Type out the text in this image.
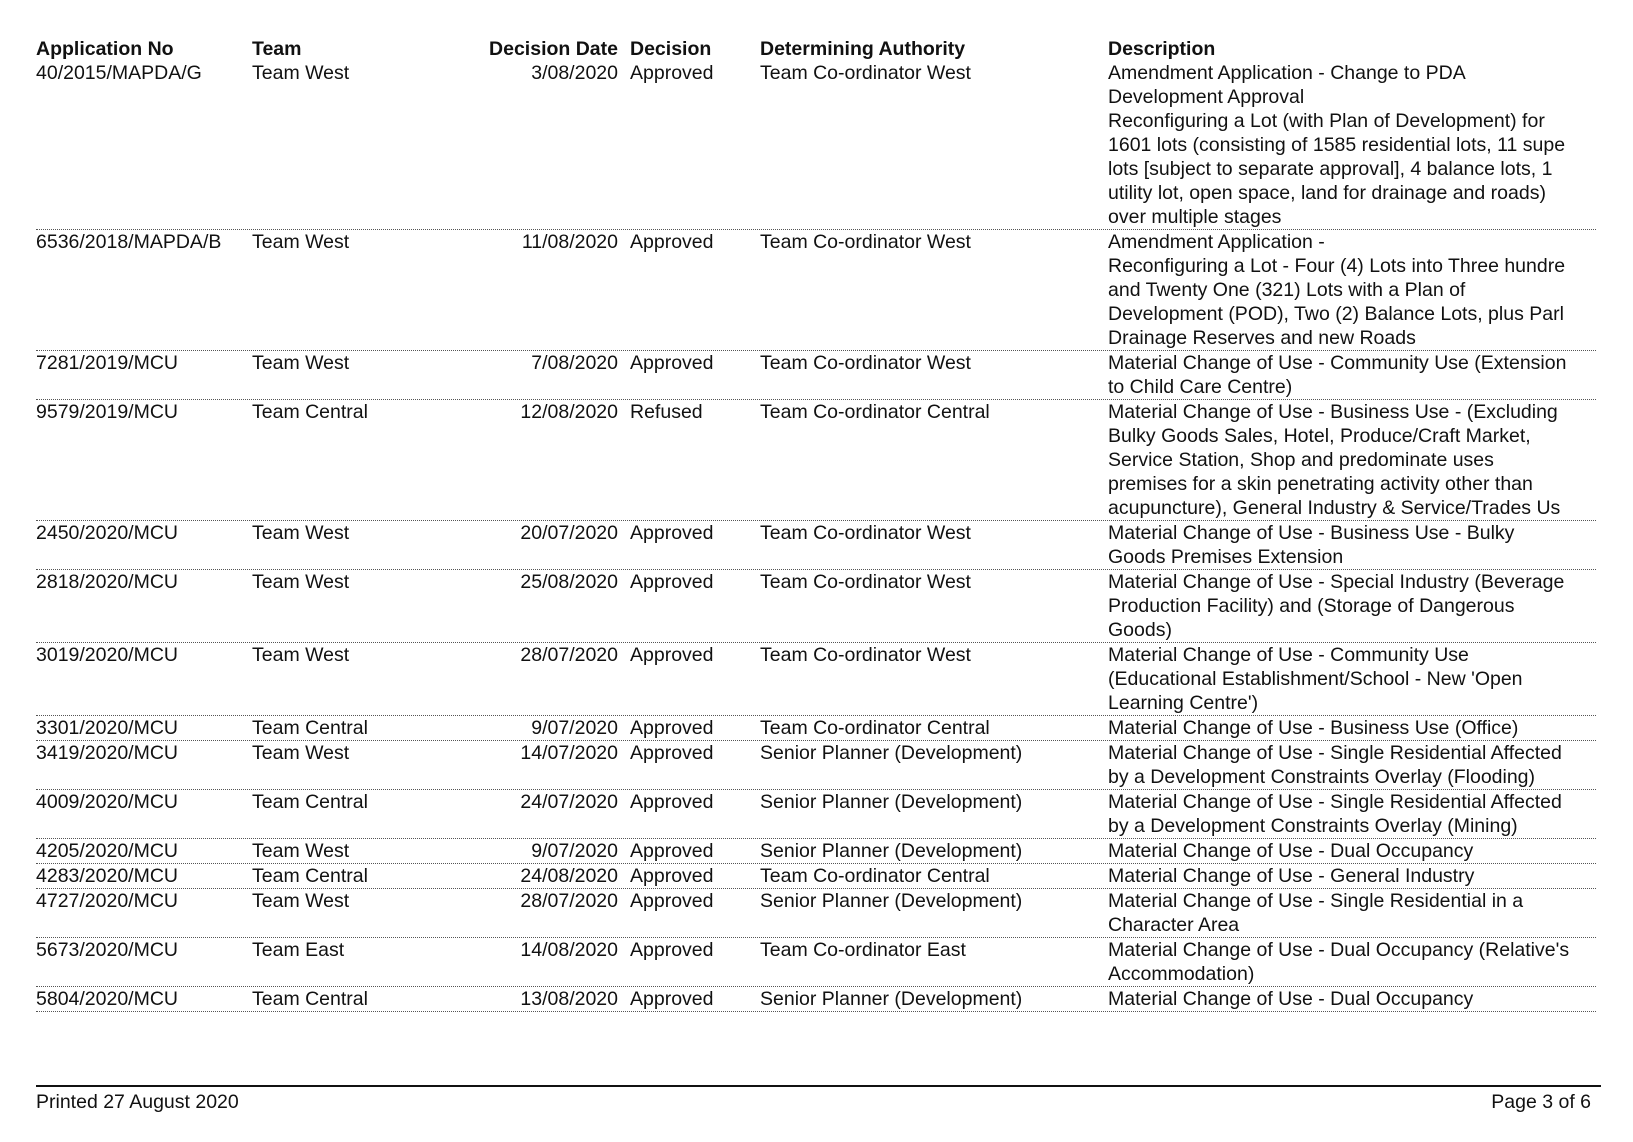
Application No	Team	Decision Date Decision	Determining Authority	Description
40/2015/MAPDA/G	Team West	3/08/2020 Approved	Team Co-ordinator West	Amendment Application - Change to PDA
Development Approval
Reconfiguring a Lot (with Plan of Development) for
1601 lots (consisting of 1585 residential lots, 11 supe
lots [subject to separate approval], 4 balance lots, 1
utility lot, open space, land for drainage and roads)
over multiple stages
6536/2018/MAPDA/B	Team West	11/08/2020 Approved	Team Co-ordinator West	Amendment Application -
Reconfiguring a Lot - Four (4) Lots into Three hundre
and Twenty One (321) Lots with a Plan of
Development (POD), Two (2) Balance Lots, plus Parl
Drainage Reserves and new Roads
7281/2019/MCU	Team West	7/08/2020 Approved	Team Co-ordinator West	Material Change of Use - Community Use (Extension
to Child Care Centre)
9579/2019/MCU	Team Central	12/08/2020 Refused	Team Co-ordinator Central	Material Change of Use - Business Use - (Excluding
Bulky Goods Sales, Hotel, Produce/Craft Market,
Service Station, Shop and predominate uses
premises for a skin penetrating activity other than
acupuncture), General Industry & Service/Trades Us
2450/2020/MCU	Team West	20/07/2020 Approved	Team Co-ordinator West	Material Change of Use - Business Use - Bulky
Goods Premises Extension
2818/2020/MCU	Team West	25/08/2020 Approved	Team Co-ordinator West	Material Change of Use - Special Industry (Beverage
Production Facility) and (Storage of Dangerous
Goods)
3019/2020/MCU	Team West	28/07/2020 Approved	Team Co-ordinator West	Material Change of Use - Community Use
(Educational Establishment/School - New 'Open
Learning Centre')
3301/2020/MCU	Team Central	9/07/2020 Approved	Team Co-ordinator Central	Material Change of Use - Business Use (Office)
3419/2020/MCU	Team West	14/07/2020 Approved	Senior Planner (Development)	Material Change of Use - Single Residential Affected
by a Development Constraints Overlay (Flooding)
4009/2020/MCU	Team Central	24/07/2020 Approved	Senior Planner (Development)	Material Change of Use - Single Residential Affected
by a Development Constraints Overlay (Mining)
4205/2020/MCU	Team West	9/07/2020 Approved	Senior Planner (Development)	Material Change of Use - Dual Occupancy
4283/2020/MCU	Team Central	24/08/2020 Approved	Team Co-ordinator Central	Material Change of Use - General Industry
4727/2020/MCU	Team West	28/07/2020 Approved	Senior Planner (Development)	Material Change of Use - Single Residential in a
Character Area
5673/2020/MCU	Team East	14/08/2020 Approved	Team Co-ordinator East	Material Change of Use - Dual Occupancy (Relative's
Accommodation)
5804/2020/MCU	Team Central	13/08/2020 Approved	Senior Planner (Development)	Material Change of Use - Dual Occupancy
Printed 27 August 2020	Page 3 of 6
